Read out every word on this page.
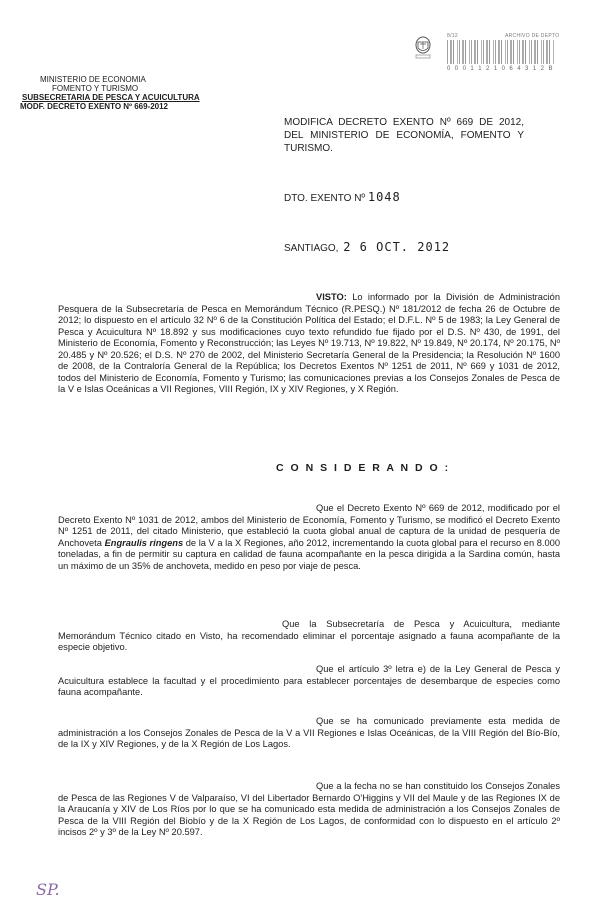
8/12	ARCHIVO DE DEPTO
0 0 0 1 1 2 1 0 6 4 3 1 2 B
MINISTERIO DE ECONOMIA
FOMENTO Y TURISMO
SUBSECRETARIA DE PESCA Y ACUICULTURA
MODF. DECRETO EXENTO Nº 669-2012
MODIFICA DECRETO EXENTO Nº 669 DE 2012, DEL MINISTERIO DE ECONOMÍA, FOMENTO Y TURISMO.
DTO. EXENTO Nº 1048
SANTIAGO, 2 6 OCT. 2012
VISTO: Lo informado por la División de Administración Pesquera de la Subsecretaría de Pesca en Memorándum Técnico (R.PESQ.) Nº 181/2012 de fecha 26 de Octubre de 2012; lo dispuesto en el artículo 32 Nº 6 de la Constitución Política del Estado; el D.F.L. Nº 5 de 1983; la Ley General de Pesca y Acuicultura Nº 18.892 y sus modificaciones cuyo texto refundido fue fijado por el D.S. Nº 430, de 1991, del Ministerio de Economía, Fomento y Reconstrucción; las Leyes Nº 19.713, Nº 19.822, Nº 19.849, Nº 20.174, Nº 20.175, Nº 20.485 y Nº 20.526; el D.S. Nº 270 de 2002, del Ministerio Secretaría General de la Presidencia; la Resolución Nº 1600 de 2008, de la Contraloría General de la República; los Decretos Exentos Nº 1251 de 2011, Nº 669 y 1031 de 2012, todos del Ministerio de Economía, Fomento y Turismo; las comunicaciones previas a los Consejos Zonales de Pesca de la V e Islas Oceánicas a VII Regiones, VIII Región, IX y XIV Regiones, y X Región.
C O N S I D E R A N D O :
Que el Decreto Exento Nº 669 de 2012, modificado por el Decreto Exento Nº 1031 de 2012, ambos del Ministerio de Economía, Fomento y Turismo, se modificó el Decreto Exento Nº 1251 de 2011, del citado Ministerio, que estableció la cuota global anual de captura de la unidad de pesquería de Anchoveta Engraulis ringens de la V a la X Regiones, año 2012, incrementando la cuota global para el recurso en 8.000 toneladas, a fin de permitir su captura en calidad de fauna acompañante en la pesca dirigida a la Sardina común, hasta un máximo de un 35% de anchoveta, medido en peso por viaje de pesca.
Que la Subsecretaría de Pesca y Acuicultura, mediante Memorándum Técnico citado en Visto, ha recomendado eliminar el porcentaje asignado a fauna acompañante de la especie objetivo.
Que el artículo 3º letra e) de la Ley General de Pesca y Acuicultura establece la facultad y el procedimiento para establecer porcentajes de desembarque de especies como fauna acompañante.
Que se ha comunicado previamente esta medida de administración a los Consejos Zonales de Pesca de la V a VII Regiones e Islas Oceánicas, de la VIII Región del Bío-Bío, de la IX y XIV Regiones, y de la X Región de Los Lagos.
Que a la fecha no se han constituido los Consejos Zonales de Pesca de las Regiones V de Valparaíso, VI del Libertador Bernardo O'Higgins y VII del Maule y de las Regiones IX de la Araucanía y XIV de Los Ríos por lo que se ha comunicado esta medida de administración a los Consejos Zonales de Pesca de la VIII Región del Biobío y de la X Región de Los Lagos, de conformidad con lo dispuesto en el artículo 2º incisos 2º y 3º de la Ley Nº 20.597.
SP.
